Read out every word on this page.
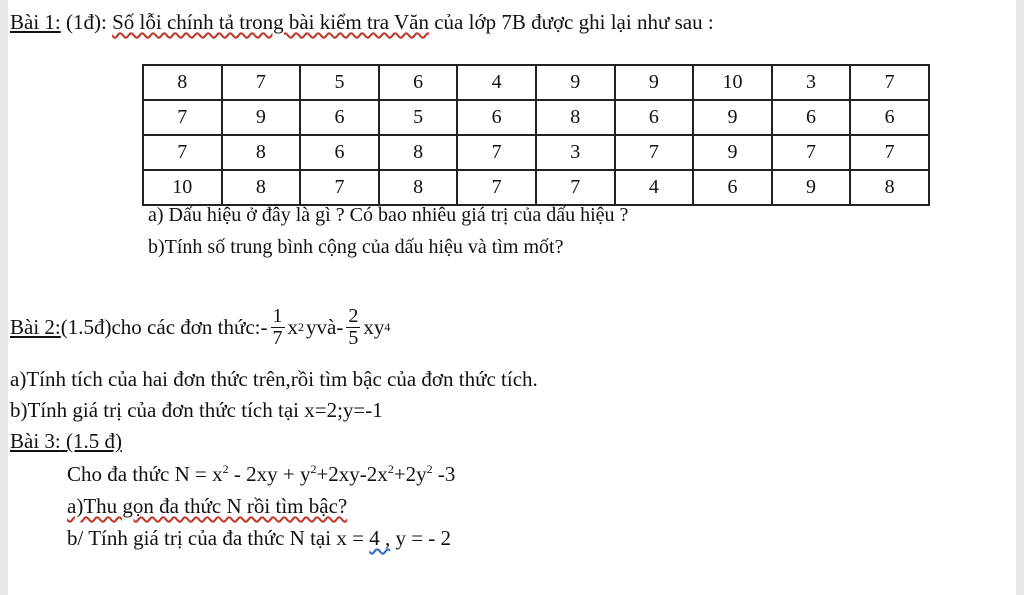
Bài 1: (1đ): Số lỗi chính tả trong bài kiểm tra Văn của lớp 7B được ghi lại như sau :
8	7	5	6	4	9	9	10	3	7
7	9	6	5	6	8	6	9	6	6
7	8	6	8	7	3	7	9	7	7
10	8	7	8	7	7	4	6	9	8
a) Dấu hiệu ở đây là gì ? Có bao nhiêu giá trị của dấu hiệu ?
b)Tính số trung bình cộng của dấu hiệu và tìm mốt?
Bài 2: (1.5đ)cho các đơn thức: - $\frac{1}{7}$ x 2 y và- $\frac{2}{5}$ xy 4
a)Tính tích của hai đơn thức trên,rồi tìm bậc của đơn thức tích.
b)Tính giá trị của đơn thức tích tại x=2;y=-1
Bài 3: (1.5 đ)
Cho đa thức $N = x^2 - 2xy + y^2+2xy-2x^2+2y^2$ -3
a)Thu gọn đa thức N rồi tìm bậc?
b/ Tính giá trị của đa thức N tại x = 4 , y = - 2
